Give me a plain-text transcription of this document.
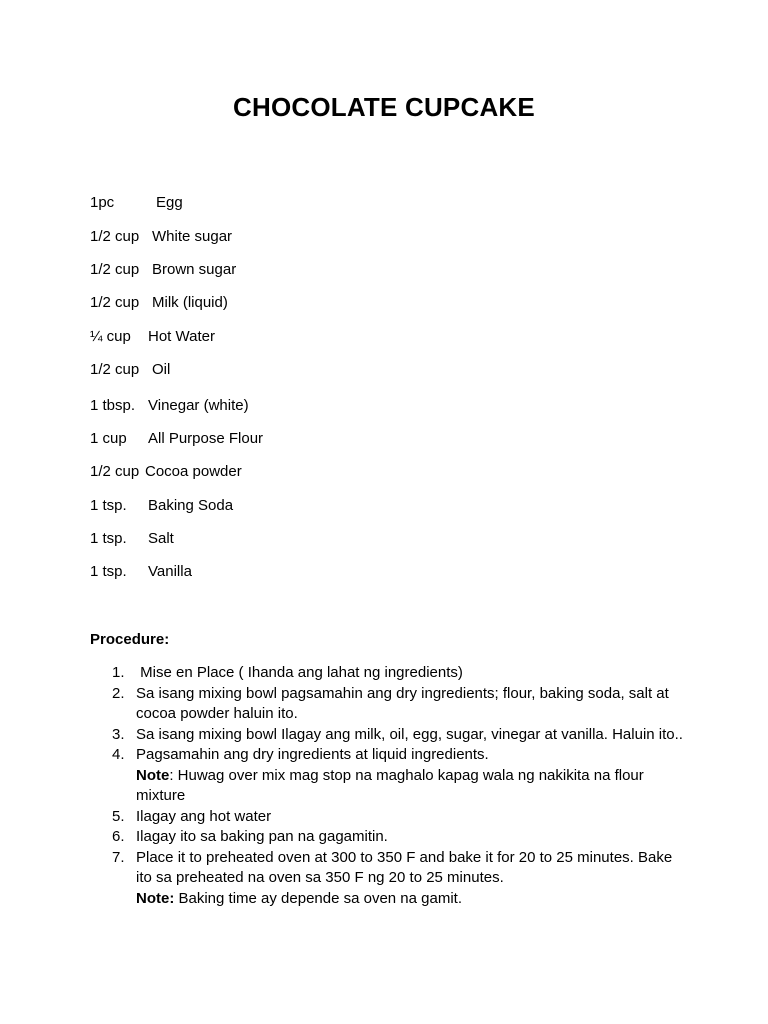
CHOCOLATE CUPCAKE
1pc	Egg
1/2 cup White sugar
1/2 cup Brown sugar
1/2 cup Milk (liquid)
¼ cup Hot Water
1/2 cup Oil
1 tbsp. Vinegar (white)
1 cup All Purpose Flour
1/2 cup Cocoa powder
1 tsp. Baking Soda
1 tsp. Salt
1 tsp. Vanilla
Procedure:
1. Mise en Place ( Ihanda ang lahat ng ingredients)
2. Sa isang mixing bowl pagsamahin ang dry ingredients; flour, baking soda, salt at cocoa powder haluin ito.
3. Sa isang mixing bowl Ilagay ang milk, oil, egg, sugar, vinegar at vanilla. Haluin ito..
4. Pagsamahin ang dry ingredients at liquid ingredients.
Note: Huwag over mix mag stop na maghalo kapag wala ng nakikita na flour mixture
5. Ilagay ang hot water
6. Ilagay ito sa baking pan na gagamitin.
7. Place it to preheated oven at 300 to 350 F and bake it for 20 to 25 minutes. Bake ito sa preheated na oven sa 350 F ng 20 to 25 minutes.
Note: Baking time ay depende sa oven na gamit.
